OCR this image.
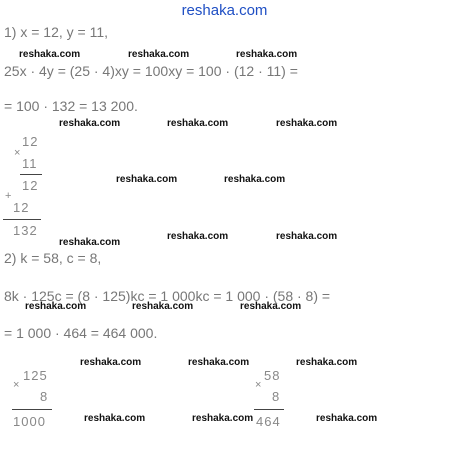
reshaka.com
1) x = 12, y = 11,
reshaka.com	reshaka.com	reshaka.com
25x · 4y = (25 · 4)xy = 100xy = 100 · (12 · 11) =
= 100 · 132 = 13 200.
reshaka.com	reshaka.com	reshaka.com
×
12
11
12
+
12
132
reshaka.com	reshaka.com
reshaka.com
reshaka.com	reshaka.com
2) k = 58, c = 8,
8k · 125c = (8 · 125)kc = 1 000kc = 1 000 · (58 · 8) =
reshaka.com	reshaka.com	reshaka.com
= 1 000 · 464 = 464 000.
reshaka.com	reshaka.com	reshaka.com
×
125
8
1000	reshaka.com	reshaka.com
×
58
8
464	reshaka.com
